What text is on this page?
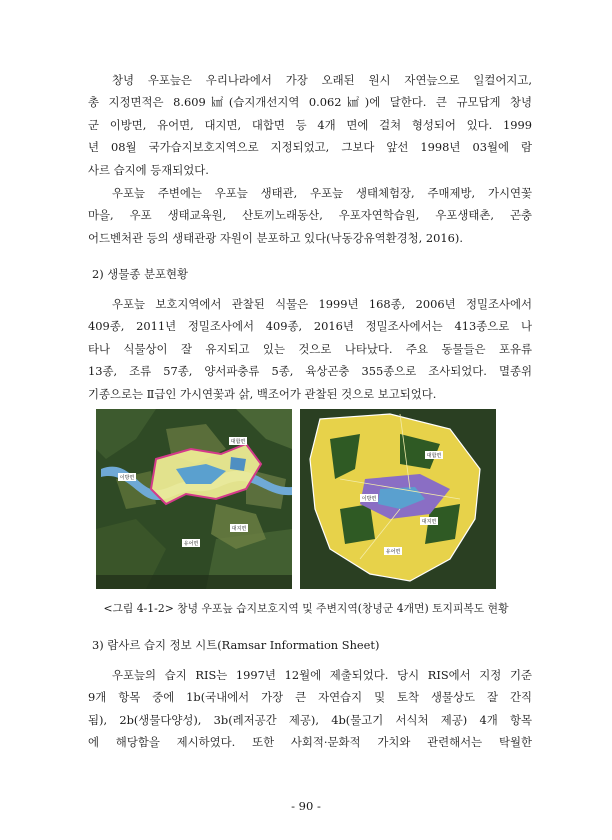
창녕 우포늪은 우리나라에서 가장 오래된 원시 자연늪으로 일컬어지고,
총 지정면적은 8.609㎢(습지개선지역 0.062㎢)에 달한다. 큰 규모답게 창녕
군 이방면, 유어면, 대지면, 대합면 등 4개 면에 걸쳐 형성되어 있다. 1999
년 08월 국가습지보호지역으로 지정되었고, 그보다 앞선 1998년 03월에 람
사르 습지에 등재되었다.
우포늪 주변에는 우포늪 생태관, 우포늪 생태체험장, 주매제방, 가시연꽃
마을, 우포 생태교육원, 산토끼노래동산, 우포자연학습원, 우포생태촌, 곤충
어드벤처관 등의 생태관광 자원이 분포하고 있다(낙동강유역환경청, 2016).

2) 생물종 분포현황

우포늪 보호지역에서 관찰된 식물은 1999년 168종, 2006년 정밀조사에서
409종, 2011년 정밀조사에서 409종, 2016년 정밀조사에서는 413종으로 나
타나 식물상이 잘 유지되고 있는 것으로 나타났다. 주요 동물들은 포유류
13종, 조류 57종, 양서파충류 5종, 육상곤충 355종으로 조사되었다. 멸종위
기종으로는 Ⅱ급인 가시연꽃과 삵, 백조어가 관찰된 것으로 보고되었다.
대합면
이방면
대지면
유어면
대합면
이방면
대지면
유어면

<그림 4-1-2> 창녕 우포늪 습지보호지역 및 주변지역(창녕군 4개면) 토지피복도 현황

3) 람사르 습지 정보 시트(Ramsar Information Sheet)

우포늪의 습지 RIS는 1997년 12월에 제출되었다. 당시 RIS에서 지정 기준
9개 항목 중에 1b(국내에서 가장 큰 자연습지 및 토착 생물상도 잘 간직
됨), 2b(생물다양성), 3b(레저공간 제공), 4b(물고기 서식처 제공) 4개 항목
에 해당함을 제시하였다. 또한 사회적·문화적 가치와 관련해서는 탁월한

- 90 -
